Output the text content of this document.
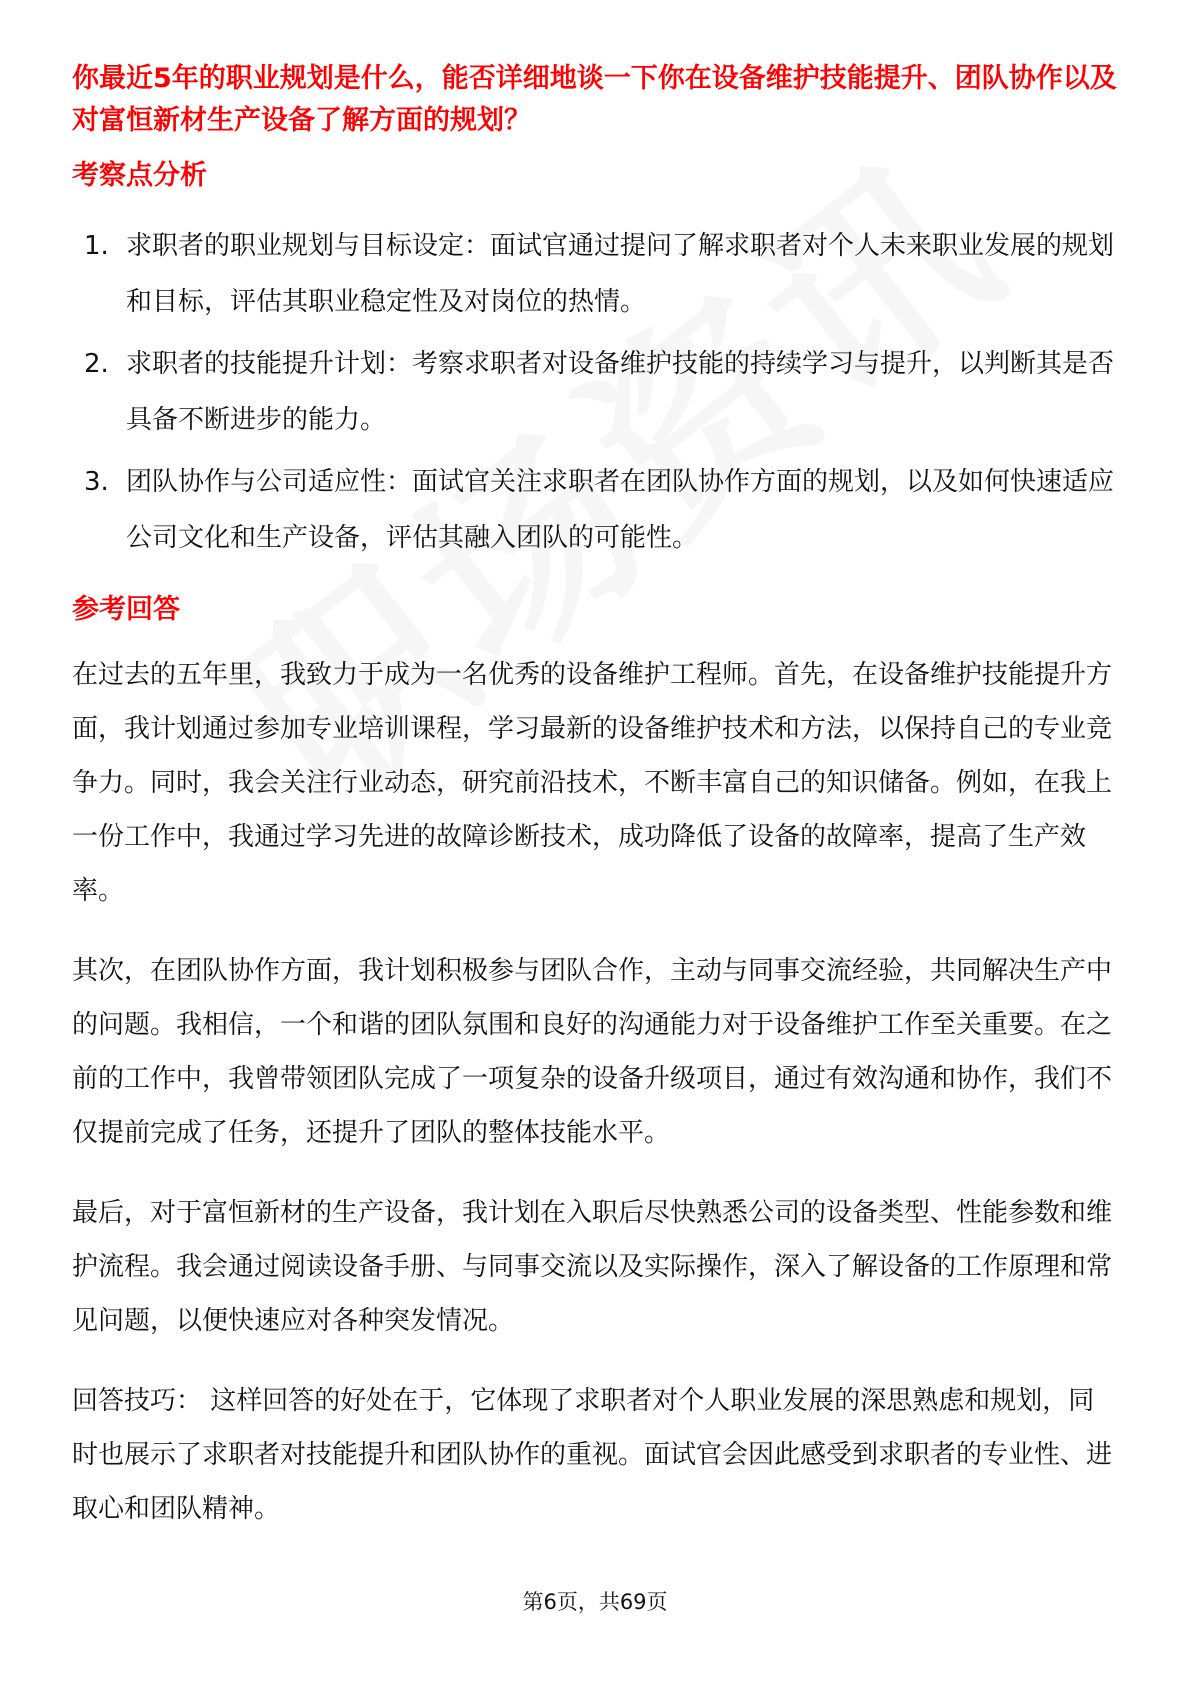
你最近5年的职业规划是什么，能否详细地谈一下你在设备维护技能提升、团队协作以及对富恒新材生产设备了解方面的规划？

考察点分析

1. 求职者的职业规划与目标设定：面试官通过提问了解求职者对个人未来职业发展的规划和目标，评估其职业稳定性及对岗位的热情。
2. 求职者的技能提升计划：考察求职者对设备维护技能的持续学习与提升，以判断其是否具备不断进步的能力。
3. 团队协作与公司适应性：面试官关注求职者在团队协作方面的规划，以及如何快速适应公司文化和生产设备，评估其融入团队的可能性。

参考回答

在过去的五年里，我致力于成为一名优秀的设备维护工程师。首先，在设备维护技能提升方面，我计划通过参加专业培训课程，学习最新的设备维护技术和方法，以保持自己的专业竞争力。同时，我会关注行业动态，研究前沿技术，不断丰富自己的知识储备。例如，在我上一份工作中，我通过学习先进的故障诊断技术，成功降低了设备的故障率，提高了生产效率。

其次，在团队协作方面，我计划积极参与团队合作，主动与同事交流经验，共同解决生产中的问题。我相信，一个和谐的团队氛围和良好的沟通能力对于设备维护工作至关重要。在之前的工作中，我曾带领团队完成了一项复杂的设备升级项目，通过有效沟通和协作，我们不仅提前完成了任务，还提升了团队的整体技能水平。

最后，对于富恒新材的生产设备，我计划在入职后尽快熟悉公司的设备类型、性能参数和维护流程。我会通过阅读设备手册、与同事交流以及实际操作，深入了解设备的工作原理和常见问题，以便快速应对各种突发情况。

回答技巧： 这样回答的好处在于，它体现了求职者对个人职业发展的深思熟虑和规划，同时也展示了求职者对技能提升和团队协作的重视。面试官会因此感受到求职者的专业性、进取心和团队精神。

第6页，共69页
